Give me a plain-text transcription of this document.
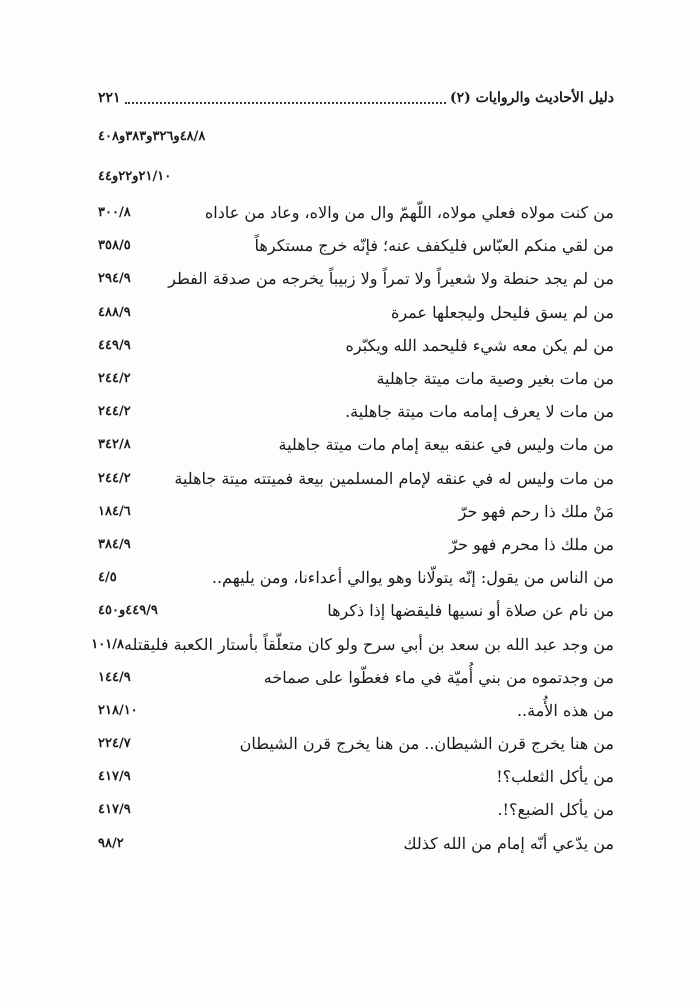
دليل الأحاديث والروايات (٢)
٢٢١
٤٨/٨و٣٢٦و٣٨٣و٤٠٨
٢١/١٠و٢٢و٤٤
من كنت مولاه فعلي مولاه، اللّهمّ وال من والاه، وعاد من عاداه
٣٠٠/٨
من لقي منكم العبّاس فليكفف عنه؛ فإنّه خرج مستكرهاً
٣٥٨/٥
من لم يجد حنطة ولا شعيراً ولا تمراً ولا زبيباً يخرجه من صدقة الفطر
٢٩٤/٩
من لم يسق فليحل وليجعلها عمرة
٤٨٨/٩
من لم يكن معه شيء فليحمد الله ويكبّره
٤٤٩/٩
من مات بغير وصية مات ميتة جاهلية
٢٤٤/٢
من مات لا يعرف إمامه مات ميتة جاهلية.
٢٤٤/٢
من مات وليس في عنقه بيعة إمام مات ميتة جاهلية
٣٤٢/٨
من مات وليس له في عنقه لإمام المسلمين بيعة فميتته ميتة جاهلية
٢٤٤/٢
مَنْ ملك ذا رحم فهو حرّ
١٨٤/٦
من ملك ذا محرم فهو حرّ
٣٨٤/٩
من الناس من يقول: إنّه يتولّانا وهو يوالي أعداءنا، ومن يليهم..
٤/٥
من نام عن صلاة أو نسيها فليقضها إذا ذكرها
٤٤٩/٩و٤٥٠
من وجد عبد الله بن سعد بن أبي سرح ولو كان متعلّقاً بأستار الكعبة فليقتله
١٠١/٨
من وجدتموه من بني أُميّة في ماء فغطّوا على صماخه
١٤٤/٩
من هذه الأُمة..
٢١٨/١٠
من هنا يخرج قرن الشيطان.. من هنا يخرج قرن الشيطان
٢٢٤/٧
من يأكل الثعلب؟!
٤١٧/٩
من يأكل الضبع؟!.
٤١٧/٩
من يدّعي أنّه إمام من الله كذلك
٩٨/٢
